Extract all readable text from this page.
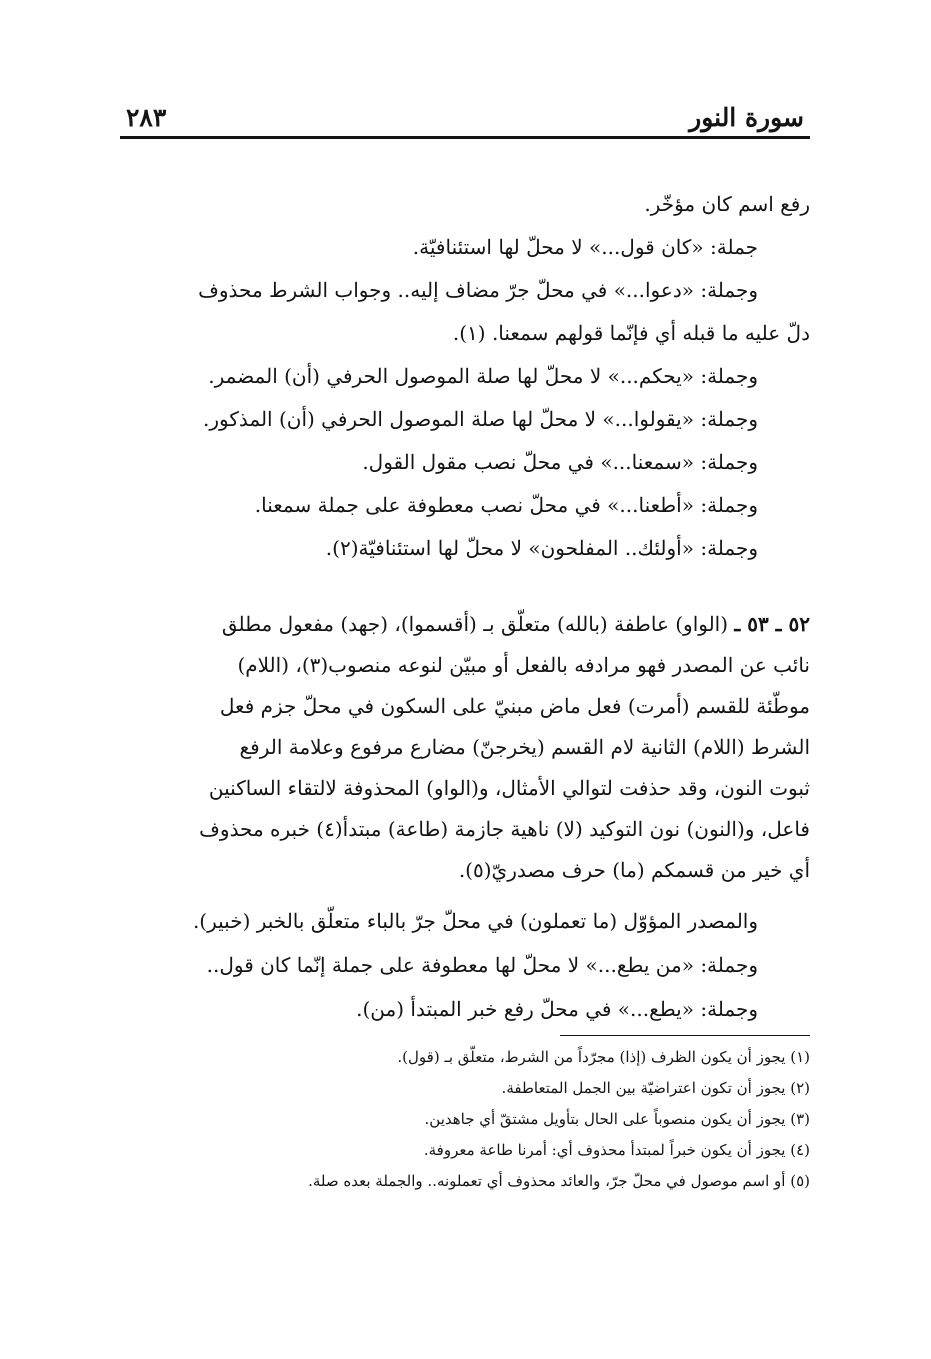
سورة النور
٢٨٣
رفع اسم كان مؤخّر.
جملة: «كان قول...» لا محلّ لها استئنافيّة.
وجملة: «دعوا...» في محلّ جرّ مضاف إليه.. وجواب الشرط محذوف
دلّ عليه ما قبله أي فإنّما قولهم سمعنا. (١).
وجملة: «يحكم...» لا محلّ لها صلة الموصول الحرفي (أن) المضمر.
وجملة: «يقولوا...» لا محلّ لها صلة الموصول الحرفي (أن) المذكور.
وجملة: «سمعنا...» في محلّ نصب مقول القول.
وجملة: «أطعنا...» في محلّ نصب معطوفة على جملة سمعنا.
وجملة: «أولئك.. المفلحون» لا محلّ لها استئنافيّة(٢).
٥٢ ـ ٥٣ ـ (الواو) عاطفة (بالله) متعلّق بـ (أقسموا)، (جهد) مفعول مطلق
نائب عن المصدر فهو مرادفه بالفعل أو مبيّن لنوعه منصوب(٣)، (اللام)
موطّئة للقسم (أمرت) فعل ماض مبنيّ على السكون في محلّ جزم فعل
الشرط (اللام) الثانية لام القسم (يخرجنّ) مضارع مرفوع وعلامة الرفع
ثبوت النون، وقد حذفت لتوالي الأمثال، و(الواو) المحذوفة لالتقاء الساكنين
فاعل، و(النون) نون التوكيد (لا) ناهية جازمة (طاعة) مبتدأ(٤) خبره محذوف
أي خير من قسمكم (ما) حرف مصدريّ(٥).
والمصدر المؤوّل (ما تعملون) في محلّ جرّ بالباء متعلّق بالخبر (خبير).
وجملة: «من يطع...» لا محلّ لها معطوفة على جملة إنّما كان قول..
وجملة: «يطع...» في محلّ رفع خبر المبتدأ (من).
(١) يجوز أن يكون الظرف (إذا) مجرّداً من الشرط، متعلّق بـ (قول).
(٢) يجوز أن تكون اعتراضيّة بين الجمل المتعاطفة.
(٣) يجوز أن يكون منصوباً على الحال بتأويل مشتقّ أي جاهدين.
(٤) يجوز أن يكون خبراً لمبتدأ محذوف أي: أمرنا طاعة معروفة.
(٥) أو اسم موصول في محلّ جرّ، والعائد محذوف أي تعملونه.. والجملة بعده صلة.
